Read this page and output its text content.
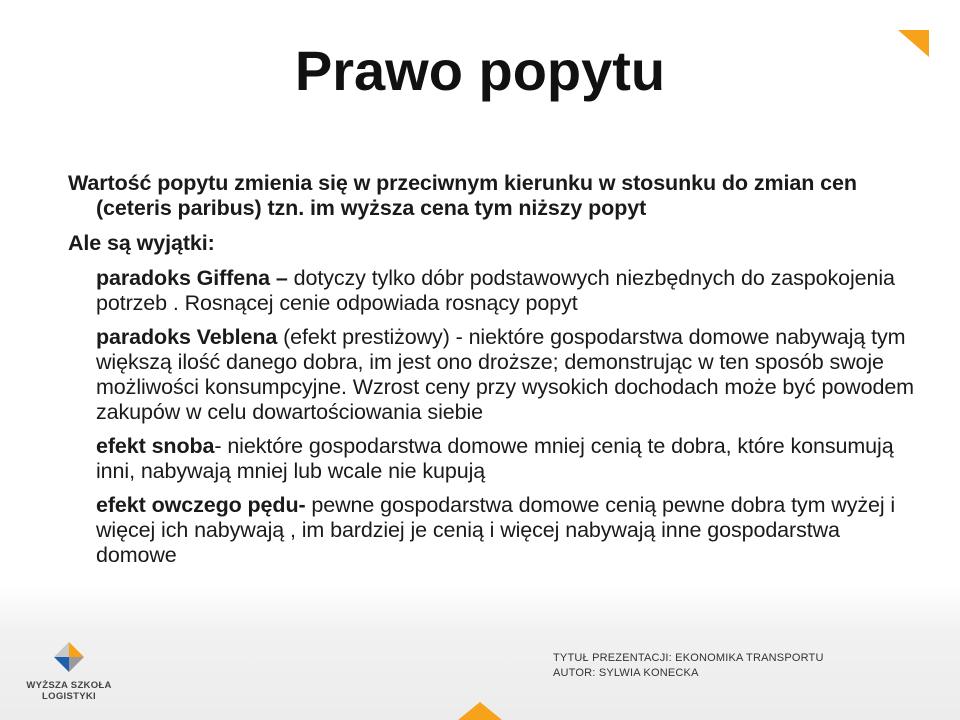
Prawo popytu

Wartość popytu zmienia się w przeciwnym kierunku w stosunku do zmian cen (ceteris paribus) tzn. im wyższa cena tym niższy popyt

Ale są wyjątki:

paradoks Giffena – dotyczy tylko dóbr podstawowych niezbędnych do zaspokojenia potrzeb . Rosnącej cenie odpowiada rosnący popyt

paradoks Veblena (efekt prestiżowy) - niektóre gospodarstwa domowe nabywają tym większą ilość danego dobra, im jest ono droższe; demonstrując w ten sposób swoje możliwości konsumpcyjne. Wzrost ceny przy wysokich dochodach może być powodem zakupów w celu dowartościowania siebie

efekt snoba- niektóre gospodarstwa domowe mniej cenią te dobra, które konsumują inni, nabywają mniej lub wcale nie kupują

efekt owczego pędu- pewne gospodarstwa domowe cenią pewne dobra tym wyżej i więcej ich nabywają , im bardziej je cenią i więcej nabywają inne gospodarstwa domowe

WYŻSZA SZKOŁA
LOGISTYKI
TYTUŁ PREZENTACJI: EKONOMIKA TRANSPORTU
AUTOR: SYLWIA KONECKA
